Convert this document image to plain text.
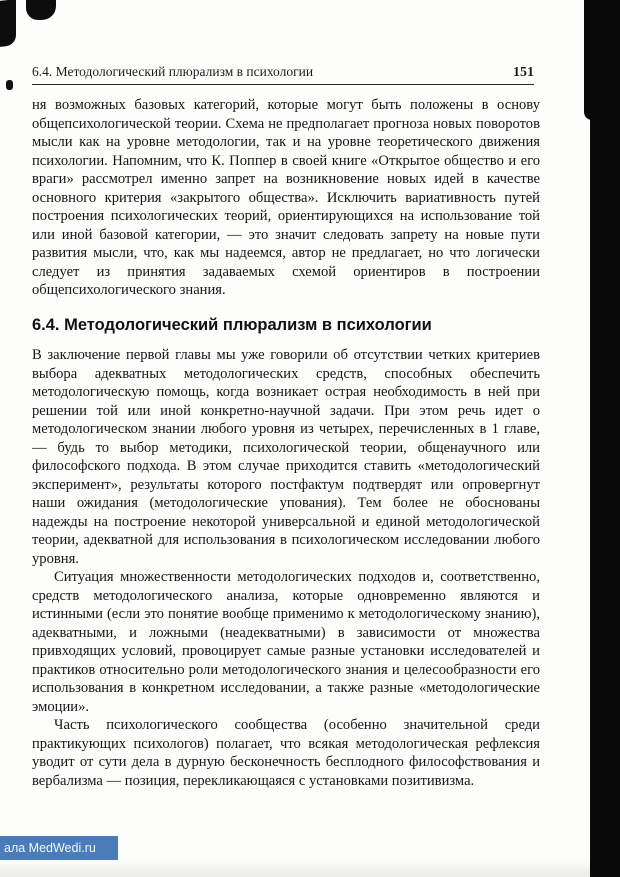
6.4. Методологический плюрализм в психологии	151

ня возможных базовых категорий, которые могут быть положены в основу общепсихологической теории. Схема не предполагает прогноза новых поворотов мысли как на уровне методологии, так и на уровне теоретического движения психологии. Напомним, что К. Поппер в своей книге «Открытое общество и его враги» рассмотрел именно запрет на возникновение новых идей в качестве основного критерия «закрытого общества». Исключить вариативность путей построения психологических теорий, ориентирующихся на использование той или иной базовой категории, — это значит следовать запрету на новые пути развития мысли, что, как мы надеемся, автор не предлагает, но что логически следует из принятия задаваемых схемой ориентиров в построении общепсихологического знания.

6.4. Методологический плюрализм в психологии

В заключение первой главы мы уже говорили об отсутствии четких критериев выбора адекватных методологических средств, способных обеспечить методологическую помощь, когда возникает острая необходимость в ней при решении той или иной конкретно-научной задачи. При этом речь идет о методологическом знании любого уровня из четырех, перечисленных в 1 главе, — будь то выбор методики, психологической теории, общенаучного или философского подхода. В этом случае приходится ставить «методологический эксперимент», результаты которого постфактум подтвердят или опровергнут наши ожидания (методологические упования). Тем более не обоснованы надежды на построение некоторой универсальной и единой методологической теории, адекватной для использования в психологическом исследовании любого уровня.

Ситуация множественности методологических подходов и, соответственно, средств методологического анализа, которые одновременно являются и истинными (если это понятие вообще применимо к методологическому знанию), адекватными, и ложными (неадекватными) в зависимости от множества привходящих условий, провоцирует самые разные установки исследователей и практиков относительно роли методологического знания и целесообразности его использования в конкретном исследовании, а также разные «методологические эмоции».

Часть психологического сообщества (особенно значительной среди практикующих психологов) полагает, что всякая методологическая рефлексия уводит от сути дела в дурную бесконечность бесплодного философствования и вербализма — позиция, перекликающаяся с установками позитивизма.

ала MedWedi.ru
